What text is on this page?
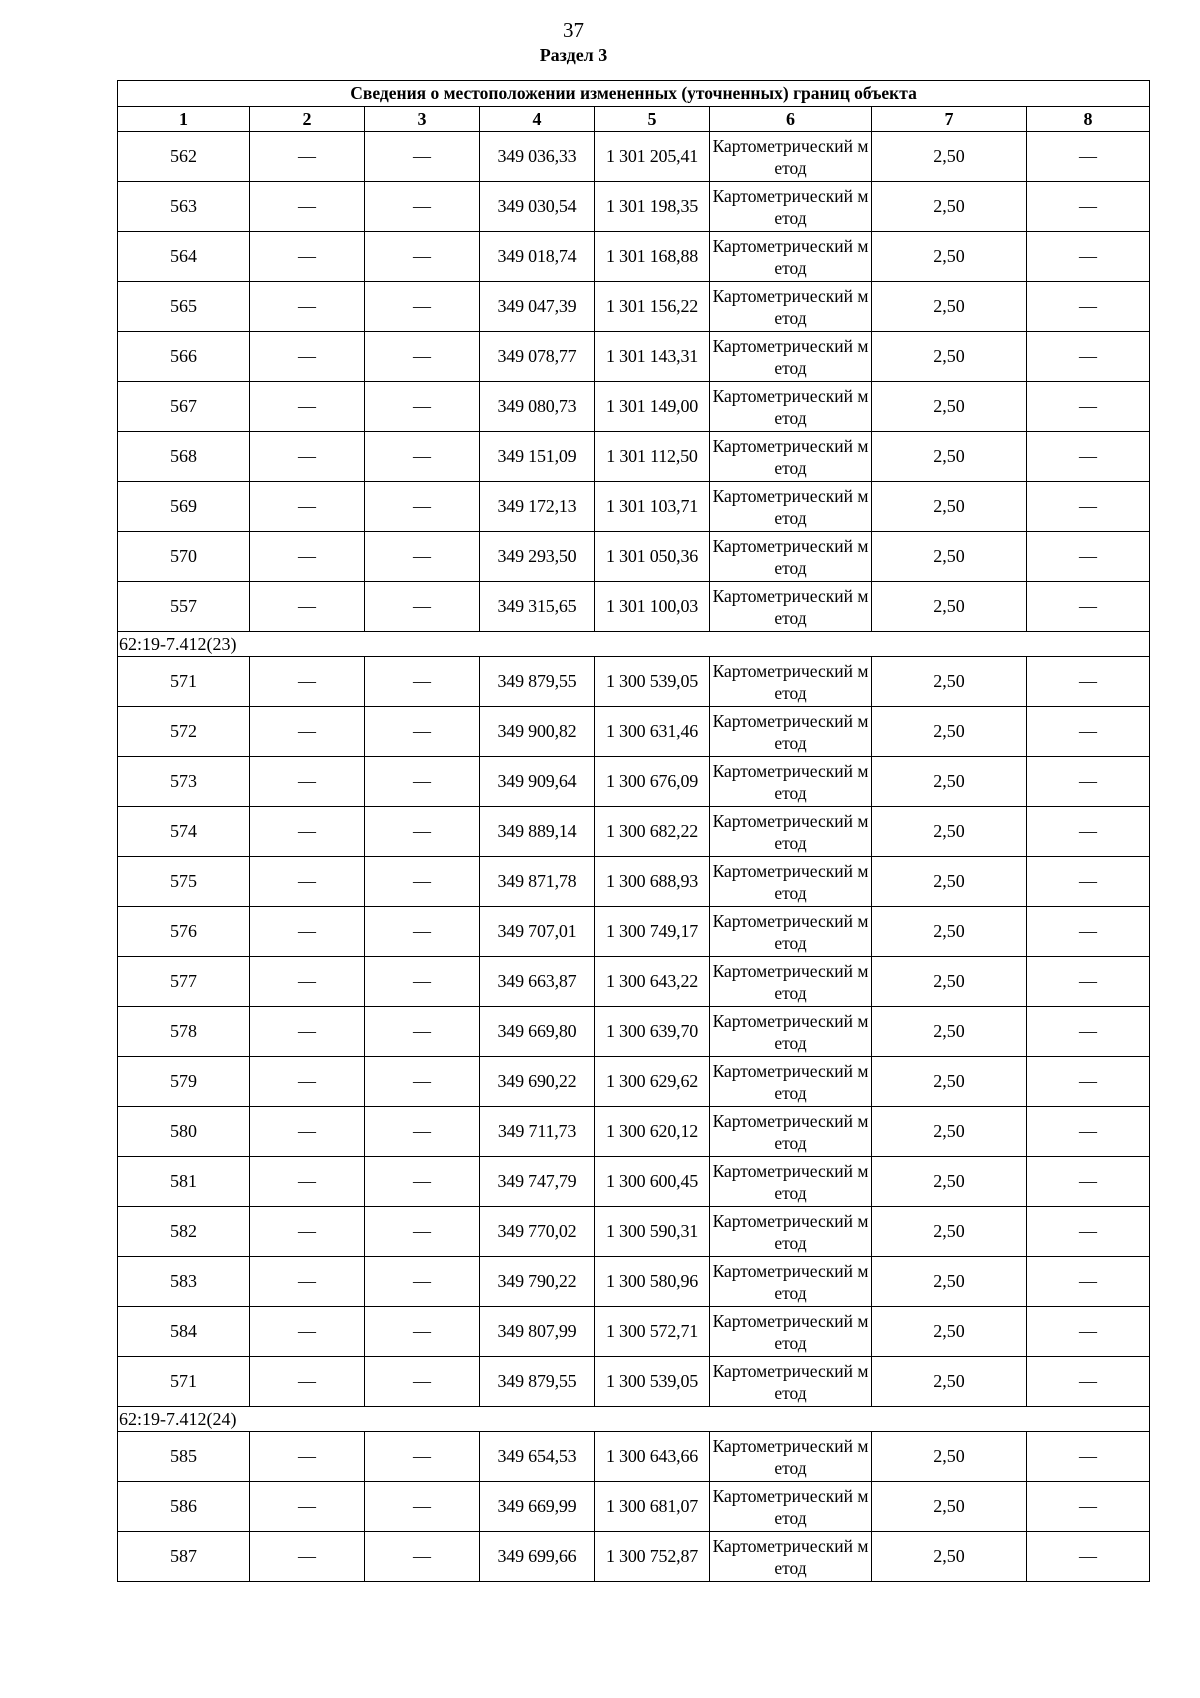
37
Раздел 3
Сведения о местоположении измененных (уточненных) границ объекта							
1	2	3	4	5	6	7	8
562	—	—	349 036,33	1 301 205,41	Картометрический метод	2,50	—
563	—	—	349 030,54	1 301 198,35	Картометрический метод	2,50	—
564	—	—	349 018,74	1 301 168,88	Картометрический метод	2,50	—
565	—	—	349 047,39	1 301 156,22	Картометрический метод	2,50	—
566	—	—	349 078,77	1 301 143,31	Картометрический метод	2,50	—
567	—	—	349 080,73	1 301 149,00	Картометрический метод	2,50	—
568	—	—	349 151,09	1 301 112,50	Картометрический метод	2,50	—
569	—	—	349 172,13	1 301 103,71	Картометрический метод	2,50	—
570	—	—	349 293,50	1 301 050,36	Картометрический метод	2,50	—
557	—	—	349 315,65	1 301 100,03	Картометрический метод	2,50	—
62:19-7.412(23)							
571	—	—	349 879,55	1 300 539,05	Картометрический метод	2,50	—
572	—	—	349 900,82	1 300 631,46	Картометрический метод	2,50	—
573	—	—	349 909,64	1 300 676,09	Картометрический метод	2,50	—
574	—	—	349 889,14	1 300 682,22	Картометрический метод	2,50	—
575	—	—	349 871,78	1 300 688,93	Картометрический метод	2,50	—
576	—	—	349 707,01	1 300 749,17	Картометрический метод	2,50	—
577	—	—	349 663,87	1 300 643,22	Картометрический метод	2,50	—
578	—	—	349 669,80	1 300 639,70	Картометрический метод	2,50	—
579	—	—	349 690,22	1 300 629,62	Картометрический метод	2,50	—
580	—	—	349 711,73	1 300 620,12	Картометрический метод	2,50	—
581	—	—	349 747,79	1 300 600,45	Картометрический метод	2,50	—
582	—	—	349 770,02	1 300 590,31	Картометрический метод	2,50	—
583	—	—	349 790,22	1 300 580,96	Картометрический метод	2,50	—
584	—	—	349 807,99	1 300 572,71	Картометрический метод	2,50	—
571	—	—	349 879,55	1 300 539,05	Картометрический метод	2,50	—
62:19-7.412(24)							
585	—	—	349 654,53	1 300 643,66	Картометрический метод	2,50	—
586	—	—	349 669,99	1 300 681,07	Картометрический метод	2,50	—
587	—	—	349 699,66	1 300 752,87	Картометрический метод	2,50	—
